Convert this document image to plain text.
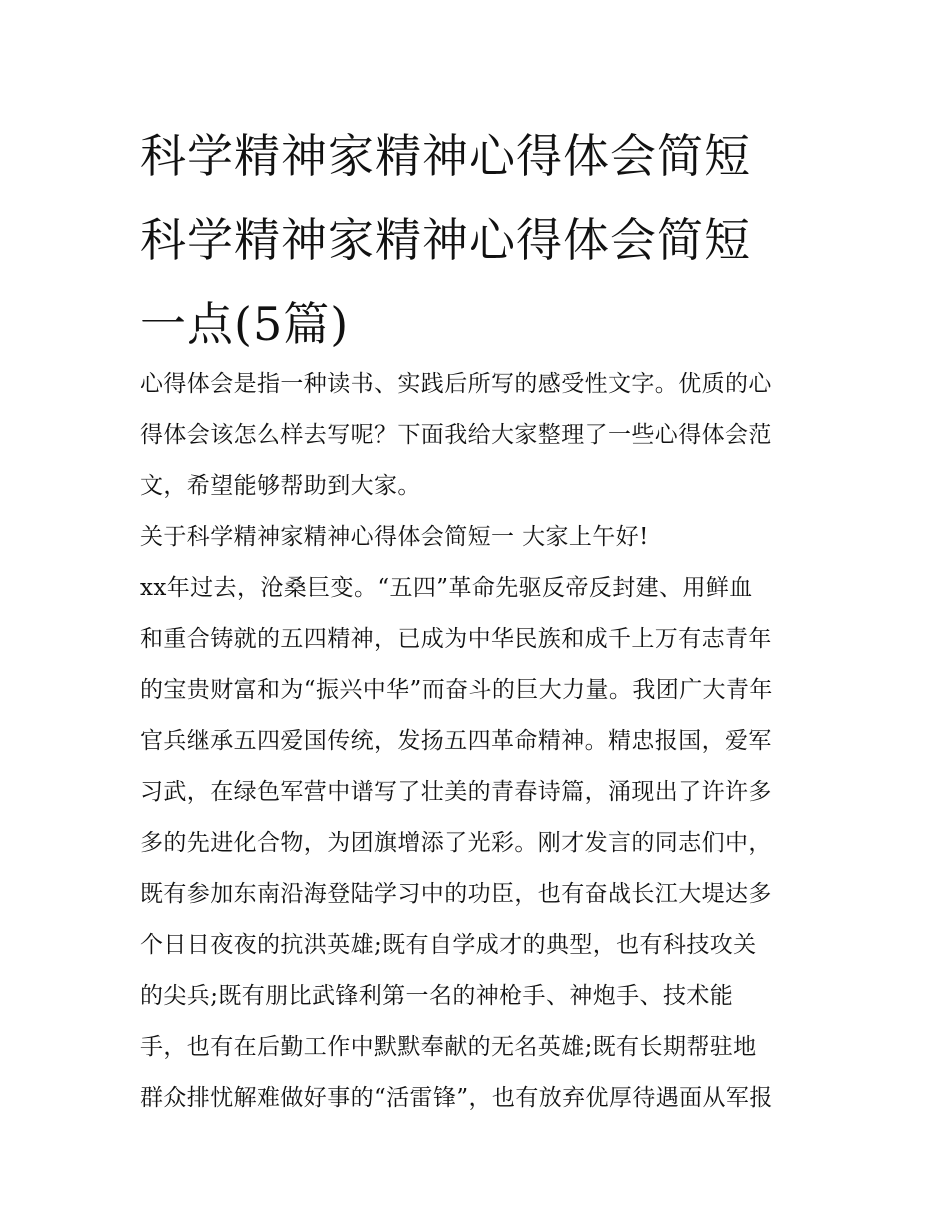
科学精神家精神心得体会简短
科学精神家精神心得体会简短
一点(5篇)

心得体会是指一种读书、实践后所写的感受性文字。优质的心
得体会该怎么样去写呢？下面我给大家整理了一些心得体会范
文，希望能够帮助到大家。

关于科学精神家精神心得体会简短一 大家上午好!

xx年过去，沧桑巨变。“五四”革命先驱反帝反封建、用鲜血
和重合铸就的五四精神，已成为中华民族和成千上万有志青年
的宝贵财富和为“振兴中华”而奋斗的巨大力量。我团广大青年
官兵继承五四爱国传统，发扬五四革命精神。精忠报国，爱军
习武，在绿色军营中谱写了壮美的青春诗篇，涌现出了许许多
多的先进化合物，为团旗增添了光彩。刚才发言的同志们中，
既有参加东南沿海登陆学习中的功臣，也有奋战长江大堤达多
个日日夜夜的抗洪英雄;既有自学成才的典型，也有科技攻关
的尖兵;既有朋比武锋利第一名的神枪手、神炮手、技术能
手，也有在后勤工作中默默奉献的无名英雄;既有长期帮驻地
群众排忧解难做好事的“活雷锋”，也有放弃优厚待遇面从军报
